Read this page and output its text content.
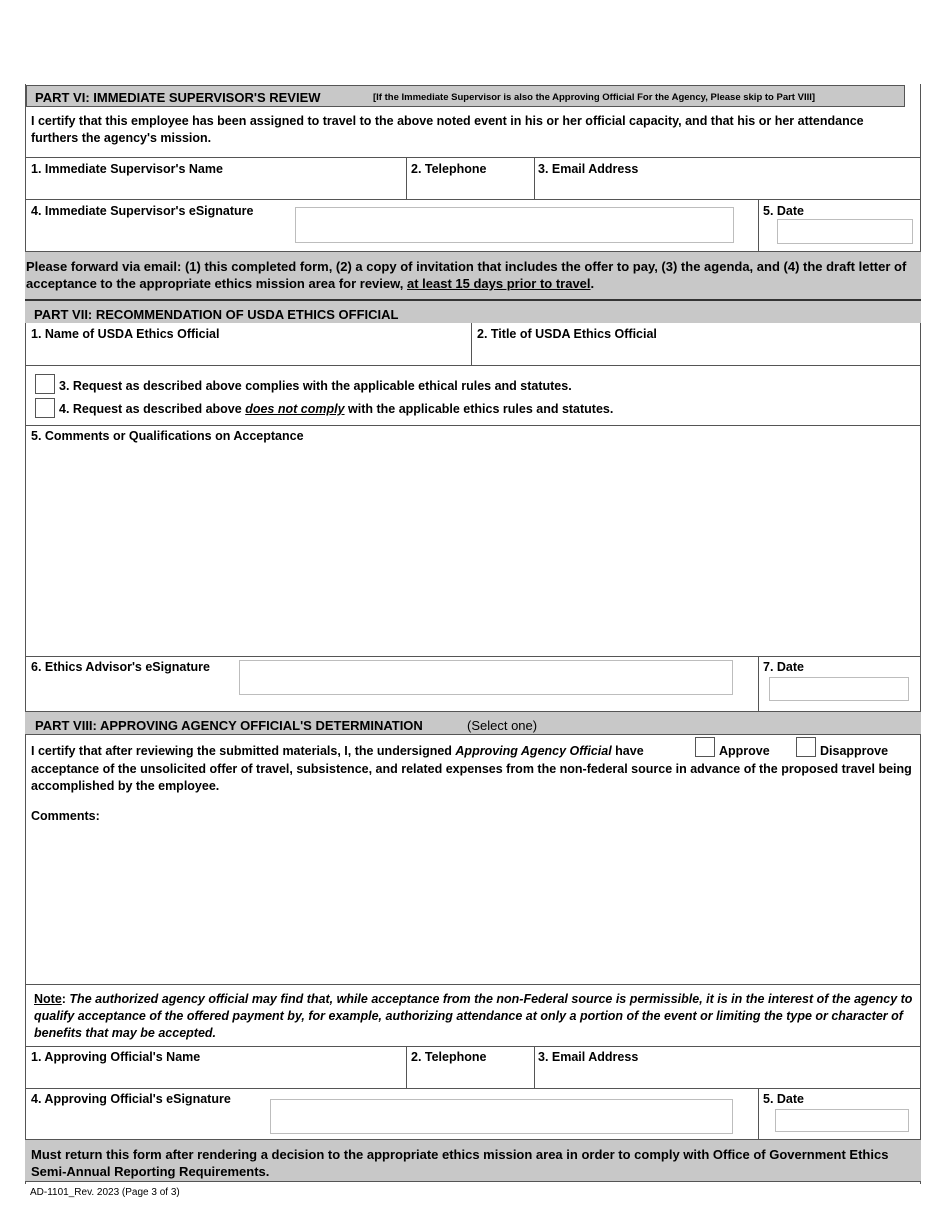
PART VI: IMMEDIATE SUPERVISOR'S REVIEW	[If the Immediate Supervisor is also the Approving Official For the Agency, Please skip to Part VIII]
I certify that this employee has been assigned to travel to the above noted event in his or her official capacity, and that his or her attendance furthers the agency's mission.
1. Immediate Supervisor's Name	2. Telephone	3. Email Address
4. Immediate Supervisor's eSignature	5. Date
Please forward via email: (1) this completed form, (2) a copy of invitation that includes the offer to pay, (3) the agenda, and (4) the draft letter of acceptance to the appropriate ethics mission area for review, at least 15 days prior to travel.
PART VII: RECOMMENDATION OF USDA ETHICS OFFICIAL
1. Name of USDA Ethics Official	2. Title of USDA Ethics Official
3. Request as described above complies with the applicable ethical rules and statutes.
4. Request as described above does not comply with the applicable ethics rules and statutes.
5. Comments or Qualifications on Acceptance
6. Ethics Advisor's eSignature	7. Date
PART VIII: APPROVING AGENCY OFFICIAL'S DETERMINATION	(Select one)
I certify that after reviewing the submitted materials, I, the undersigned Approving Agency Official have	Approve	Disapprove
acceptance of the unsolicited offer of travel, subsistence, and related expenses from the non-federal source in advance of the proposed travel being accomplished by the employee.
Comments:
Note: The authorized agency official may find that, while acceptance from the non-Federal source is permissible, it is in the interest of the agency to qualify acceptance of the offered payment by, for example, authorizing attendance at only a portion of the event or limiting the type or character of benefits that may be accepted.
1. Approving Official's Name	2. Telephone	3. Email Address
4. Approving Official's eSignature	5. Date
Must return this form after rendering a decision to the appropriate ethics mission area in order to comply with Office of Government Ethics Semi-Annual Reporting Requirements.
AD-1101_Rev. 2023 (Page 3 of 3)
